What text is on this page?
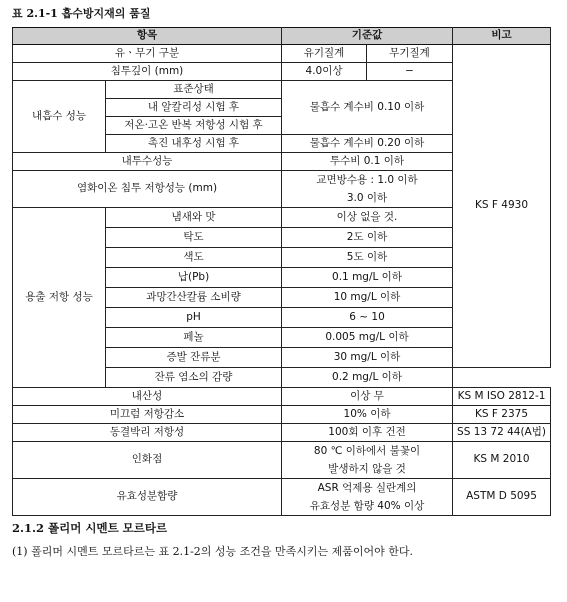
표 2.1-1 흡수방지재의 품질
항목		기준값		비고
유ㆍ무기 구분		유기질계	무기질계	KS F 4930
침투깊이 (mm)		4.0이상	−	
내흡수 성능	표준상태	물흡수 계수비 0.10 이하		
	내 알칼리성 시험 후			
	저온·고온 반복 저항성 시험 후			
	촉진 내후성 시험 후	물흡수 계수비 0.20 이하		
내투수성능		투수비 0.1 이하		
염화이온 침투 저항성능 (mm)		교면방수용 : 1.0 이하
3.0 이하		

용출 저항 성능	냄새와 맛	이상 없을 것.		
	탁도	2도 이하		
	색도	5도 이하		
	납(Pb)	0.1 mg/L 이하		
	과망간산칼륨 소비량	10 mg/L 이하		
	pH	6 ~ 10		
	페놀	0.005 mg/L 이하		
	증발 잔류분	30 mg/L 이하		
	잔류 염소의 감량	0.2 mg/L 이하		
내산성		이상 무		KS M ISO 2812-1
미끄럼 저항감소		10% 이하		KS F 2375
동결박리 저항성		100회 이후 건전		SS 13 72 44(A법)
인화점		80 ℃ 이하에서 불꽃이
발생하지 않을 것		KS M 2010
유효성분함량		ASR 억제용 실란계의
유효성분 함량 40% 이상		ASTM D 5095
2.1.2 폴리머 시멘트 모르타르
(1) 폴리머 시멘트 모르타르는 표 2.1-2의 성능 조건을 만족시키는 제품이어야 한다.
